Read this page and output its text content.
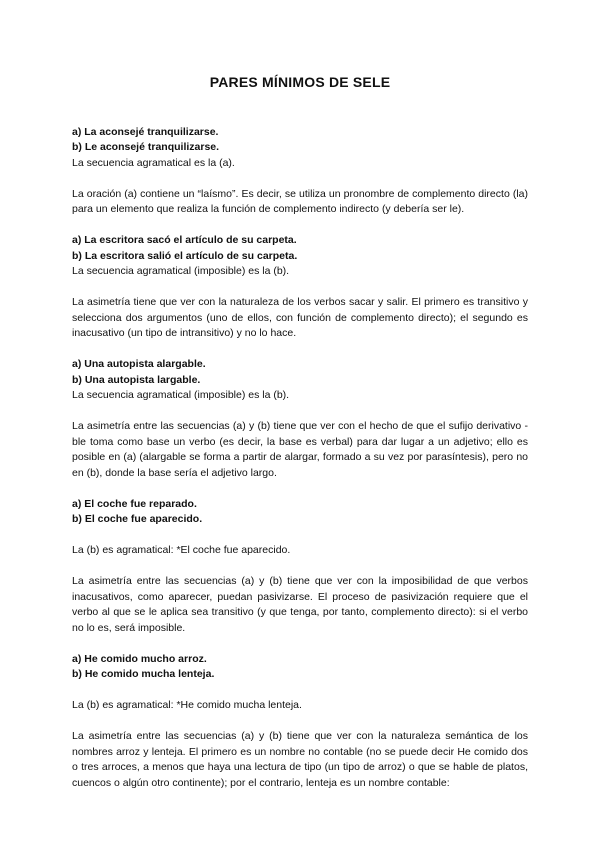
PARES MÍNIMOS DE SELE

a) La aconsejé tranquilizarse.

b) Le aconsejé tranquilizarse.

La secuencia agramatical es la (a).

La oración (a) contiene un “laísmo”. Es decir, se utiliza un pronombre de complemento directo (la) para un elemento que realiza la función de complemento indirecto (y debería ser le).

a) La escritora sacó el artículo de su carpeta.

b) La escritora salió el artículo de su carpeta.

La secuencia agramatical (imposible) es la (b).

La asimetría tiene que ver con la naturaleza de los verbos sacar y salir. El primero es transitivo y selecciona dos argumentos (uno de ellos, con función de complemento directo); el segundo es inacusativo (un tipo de intransitivo) y no lo hace.

a) Una autopista alargable.

b) Una autopista largable.

La secuencia agramatical (imposible) es la (b).

La asimetría entre las secuencias (a) y (b) tiene que ver con el hecho de que el sufijo derivativo -ble toma como base un verbo (es decir, la base es verbal) para dar lugar a un adjetivo; ello es posible en (a) (alargable se forma a partir de alargar, formado a su vez por parasíntesis), pero no en (b), donde la base sería el adjetivo largo.

a) El coche fue reparado.

b) El coche fue aparecido.

La (b) es agramatical: *El coche fue aparecido.

La asimetría entre las secuencias (a) y (b) tiene que ver con la imposibilidad de que verbos inacusativos, como aparecer, puedan pasivizarse. El proceso de pasivización requiere que el verbo al que se le aplica sea transitivo (y que tenga, por tanto, complemento directo): si el verbo no lo es, será imposible.

a) He comido mucho arroz.

b) He comido mucha lenteja.

La (b) es agramatical: *He comido mucha lenteja.

La asimetría entre las secuencias (a) y (b) tiene que ver con la naturaleza semántica de los nombres arroz y lenteja. El primero es un nombre no contable (no se puede decir He comido dos o tres arroces, a menos que haya una lectura de tipo (un tipo de arroz) o que se hable de platos, cuencos o algún otro continente); por el contrario, lenteja es un nombre contable:
